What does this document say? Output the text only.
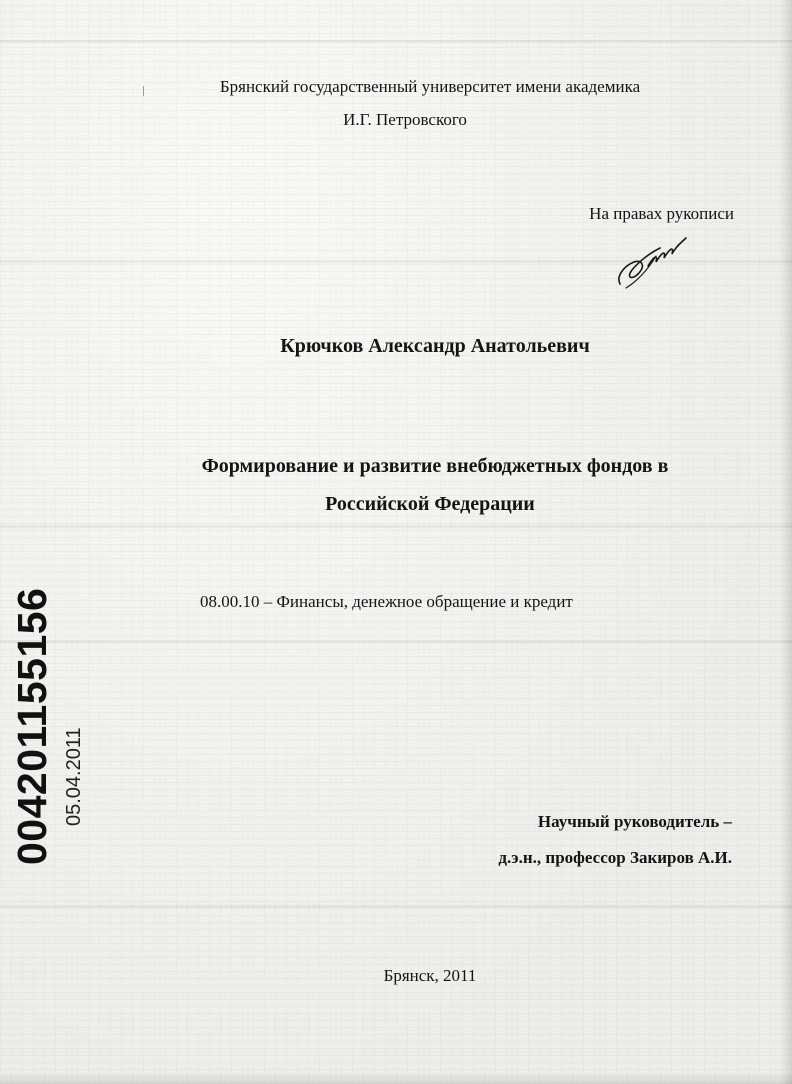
Брянский государственный университет имени академика
И.Г. Петровского
На правах рукописи
Крючков Александр Анатольевич
Формирование и развитие внебюджетных фондов в
Российской Федерации
08.00.10 – Финансы, денежное обращение и кредит
004201155156 05.04.2011	Научный руководитель –
д.э.н., профессор Закиров А.И.
Брянск, 2011
